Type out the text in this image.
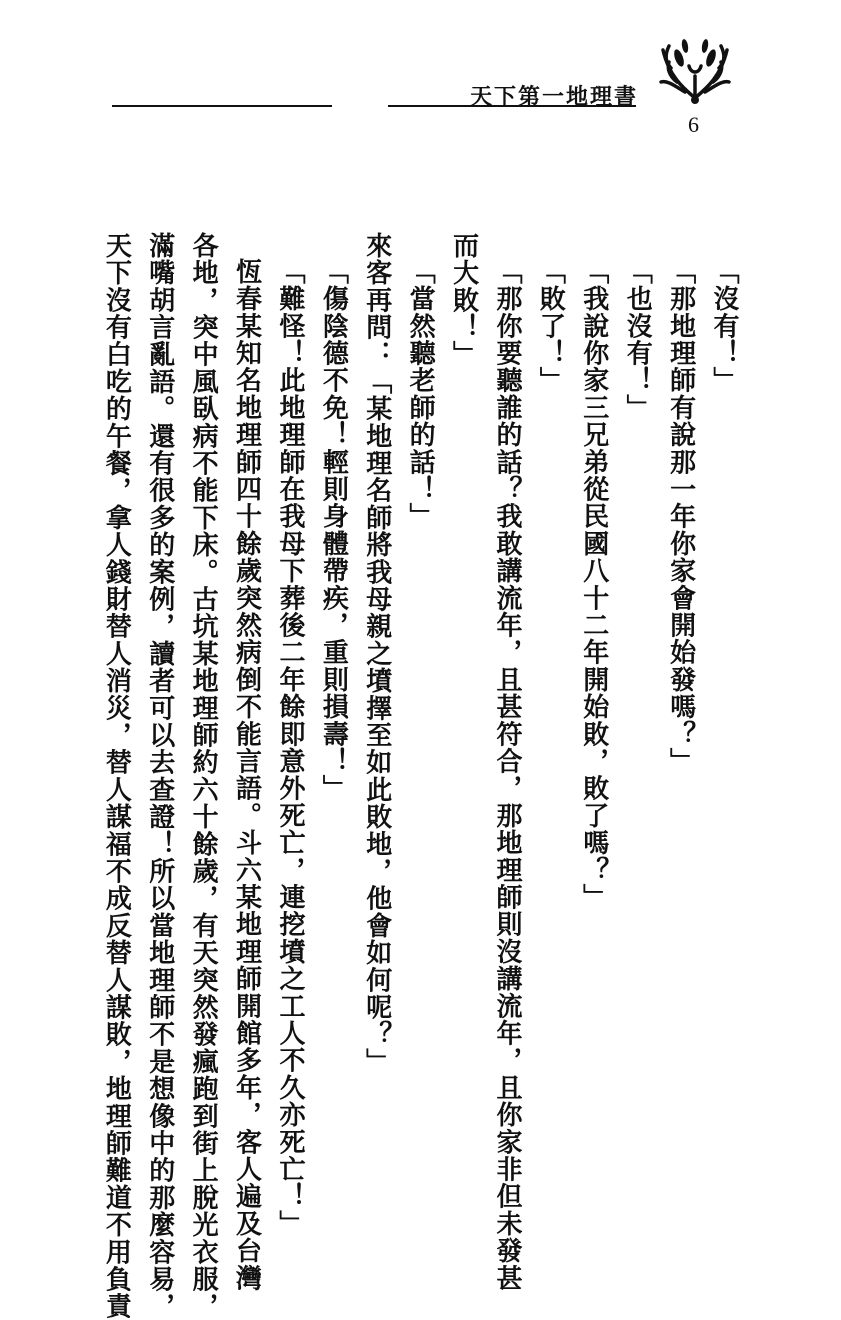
天下第一地理書
6
「沒有！」
「那地理師有說那一年你家會開始發嗎？」
「也沒有！」
「我說你家三兄弟從民國八十二年開始敗，敗了嗎？」
「敗了！」
「那你要聽誰的話？我敢講流年，且甚符合，那地理師則沒講流年，且你家非但未發甚
而大敗！」
「當然聽老師的話！」
來客再問：「某地理名師將我母親之墳擇至如此敗地，他會如何呢？」
「傷陰德不免！輕則身體帶疾，重則損壽！」
「難怪！此地理師在我母下葬後二年餘即意外死亡，連挖墳之工人不久亦死亡！」
恆春某知名地理師四十餘歲突然病倒不能言語。斗六某地理師開館多年，客人遍及台灣
各地，突中風臥病不能下床。古坑某地理師約六十餘歲，有天突然發瘋跑到街上脫光衣服，
滿嘴胡言亂語。還有很多的案例，讀者可以去查證！所以當地理師不是想像中的那麼容易，
天下沒有白吃的午餐，拿人錢財替人消災，替人謀福不成反替人謀敗，地理師難道不用負責
